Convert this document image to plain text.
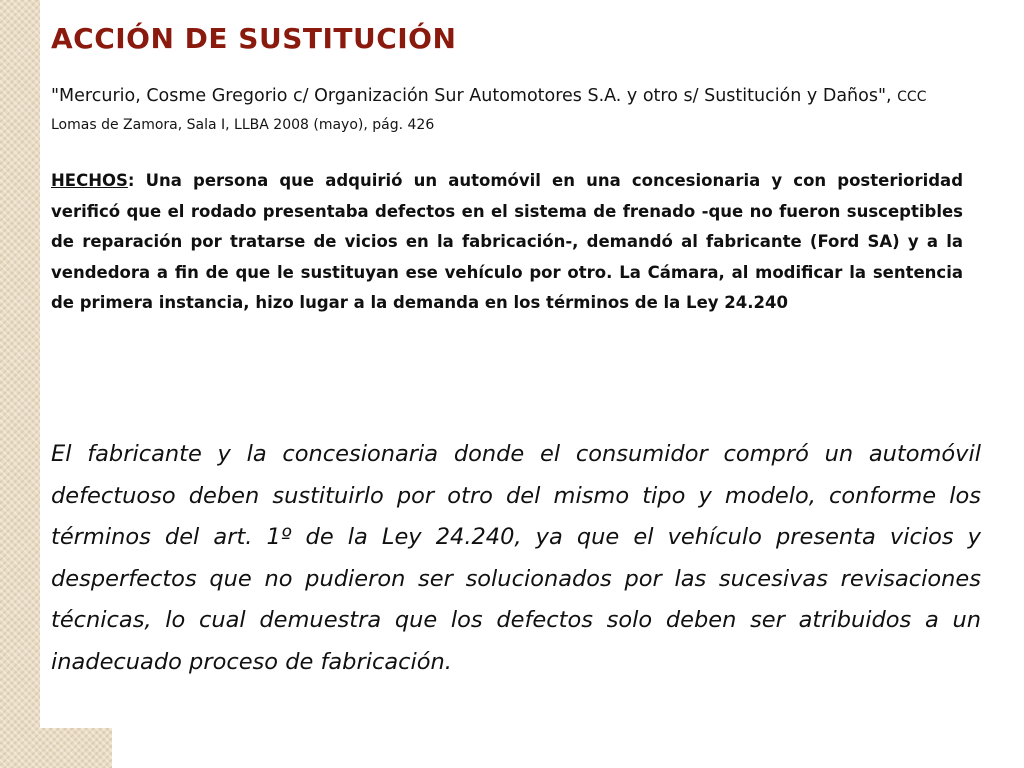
ACCIÓN DE SUSTITUCIÓN

"Mercurio, Cosme Gregorio c/ Organización Sur Automotores S.A. y otro s/ Sustitución y Daños", CCC Lomas de Zamora, Sala I, LLBA 2008 (mayo), pág. 426

HECHOS: Una persona que adquirió un automóvil en una concesionaria y con posterioridad verificó que el rodado presentaba defectos en el sistema de frenado -que no fueron susceptibles de reparación por tratarse de vicios en la fabricación-, demandó al fabricante (Ford SA) y a la vendedora a fin de que le sustituyan ese vehículo por otro. La Cámara, al modificar la sentencia de primera instancia, hizo lugar a la demanda en los términos de la Ley 24.240

El fabricante y la concesionaria donde el consumidor compró un automóvil defectuoso deben sustituirlo por otro del mismo tipo y modelo, conforme los términos del art. 1º de la Ley 24.240, ya que el vehículo presenta vicios y desperfectos que no pudieron ser solucionados por las sucesivas revisaciones técnicas, lo cual demuestra que los defectos solo deben ser atribuidos a un inadecuado proceso de fabricación.
